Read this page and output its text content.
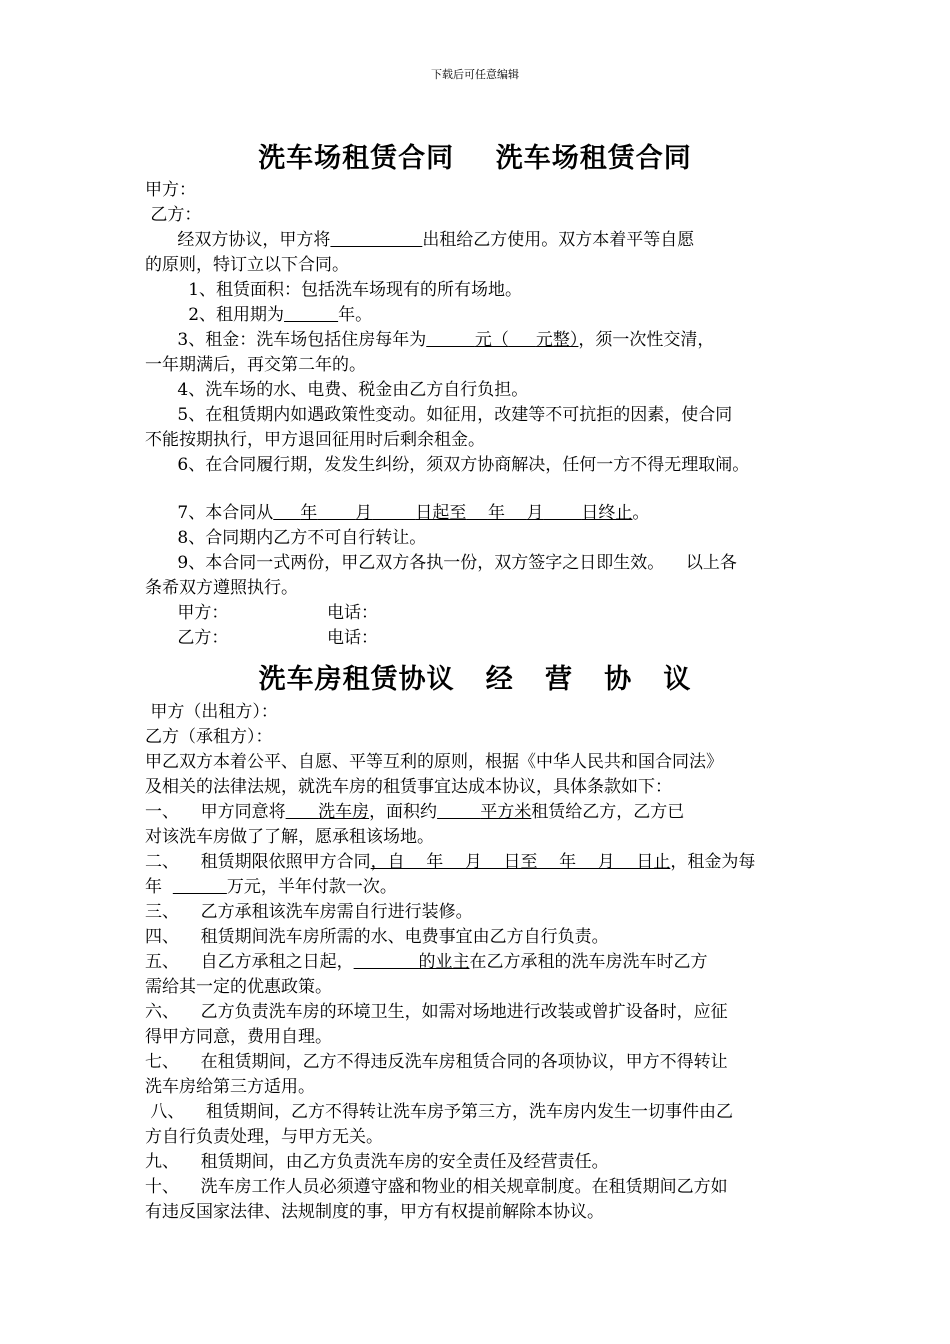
下载后可任意编辑
洗车场租赁合同    洗车场租赁合同
甲方：
乙方：
经双方协议，甲方将	出租给乙方使用。双方本着平等自愿
的原则，特订立以下合同。
1、租赁面积：包括洗车场现有的所有场地。
2、租用期为	年。
3、租金：洗车场包括住房每年为	元（ 元整），须一次性交清，
一年期满后，再交第二年的。
4、洗车场的水、电费、税金由乙方自行负担。
5、在租赁期内如遇政策性变动。如征用，改建等不可抗拒的因素，使合同
不能按期执行，甲方退回征用时后剩余租金。
6、在合同履行期，发发生纠纷，须双方协商解决，任何一方不得无理取闹。
7、本合同从 年 月	日起至 年 月 日终止。
8、合同期内乙方不可自行转让。
9、本合同一式两份，甲乙双方各执一份，双方签字之日即生效。    以上各
条希双方遵照执行。
甲方：	电话：
乙方：	电话：
洗车房租赁协议   经   营   协   议
甲方（出租方）：
乙方（承租方）：
甲乙双方本着公平、自愿、平等互利的原则，根据《中华人民共和国合同法》
及相关的法律法规，就洗车房的租赁事宜达成本协议，具体条款如下：
一、    甲方同意将 洗车房，面积约	平方米租赁给乙方，乙方已
对该洗车房做了了解，愿承租该场地。
二、    租赁期限依照甲方合同，自    年    月    日至    年    月    日止，租金为每
年	万元，半年付款一次。
三、    乙方承租该洗车房需自行进行装修。
四、    租赁期间洗车房所需的水、电费事宜由乙方自行负责。
五、    自乙方承租之日起，	的业主在乙方承租的洗车房洗车时乙方
需给其一定的优惠政策。
六、    乙方负责洗车房的环境卫生，如需对场地进行改装或曾扩设备时，应征
得甲方同意，费用自理。
七、    在租赁期间，乙方不得违反洗车房租赁合同的各项协议，甲方不得转让
洗车房给第三方适用。
八、    租赁期间，乙方不得转让洗车房予第三方，洗车房内发生一切事件由乙
方自行负责处理，与甲方无关。
九、    租赁期间，由乙方负责洗车房的安全责任及经营责任。
十、    洗车房工作人员必须遵守盛和物业的相关规章制度。在租赁期间乙方如
有违反国家法律、法规制度的事，甲方有权提前解除本协议。
